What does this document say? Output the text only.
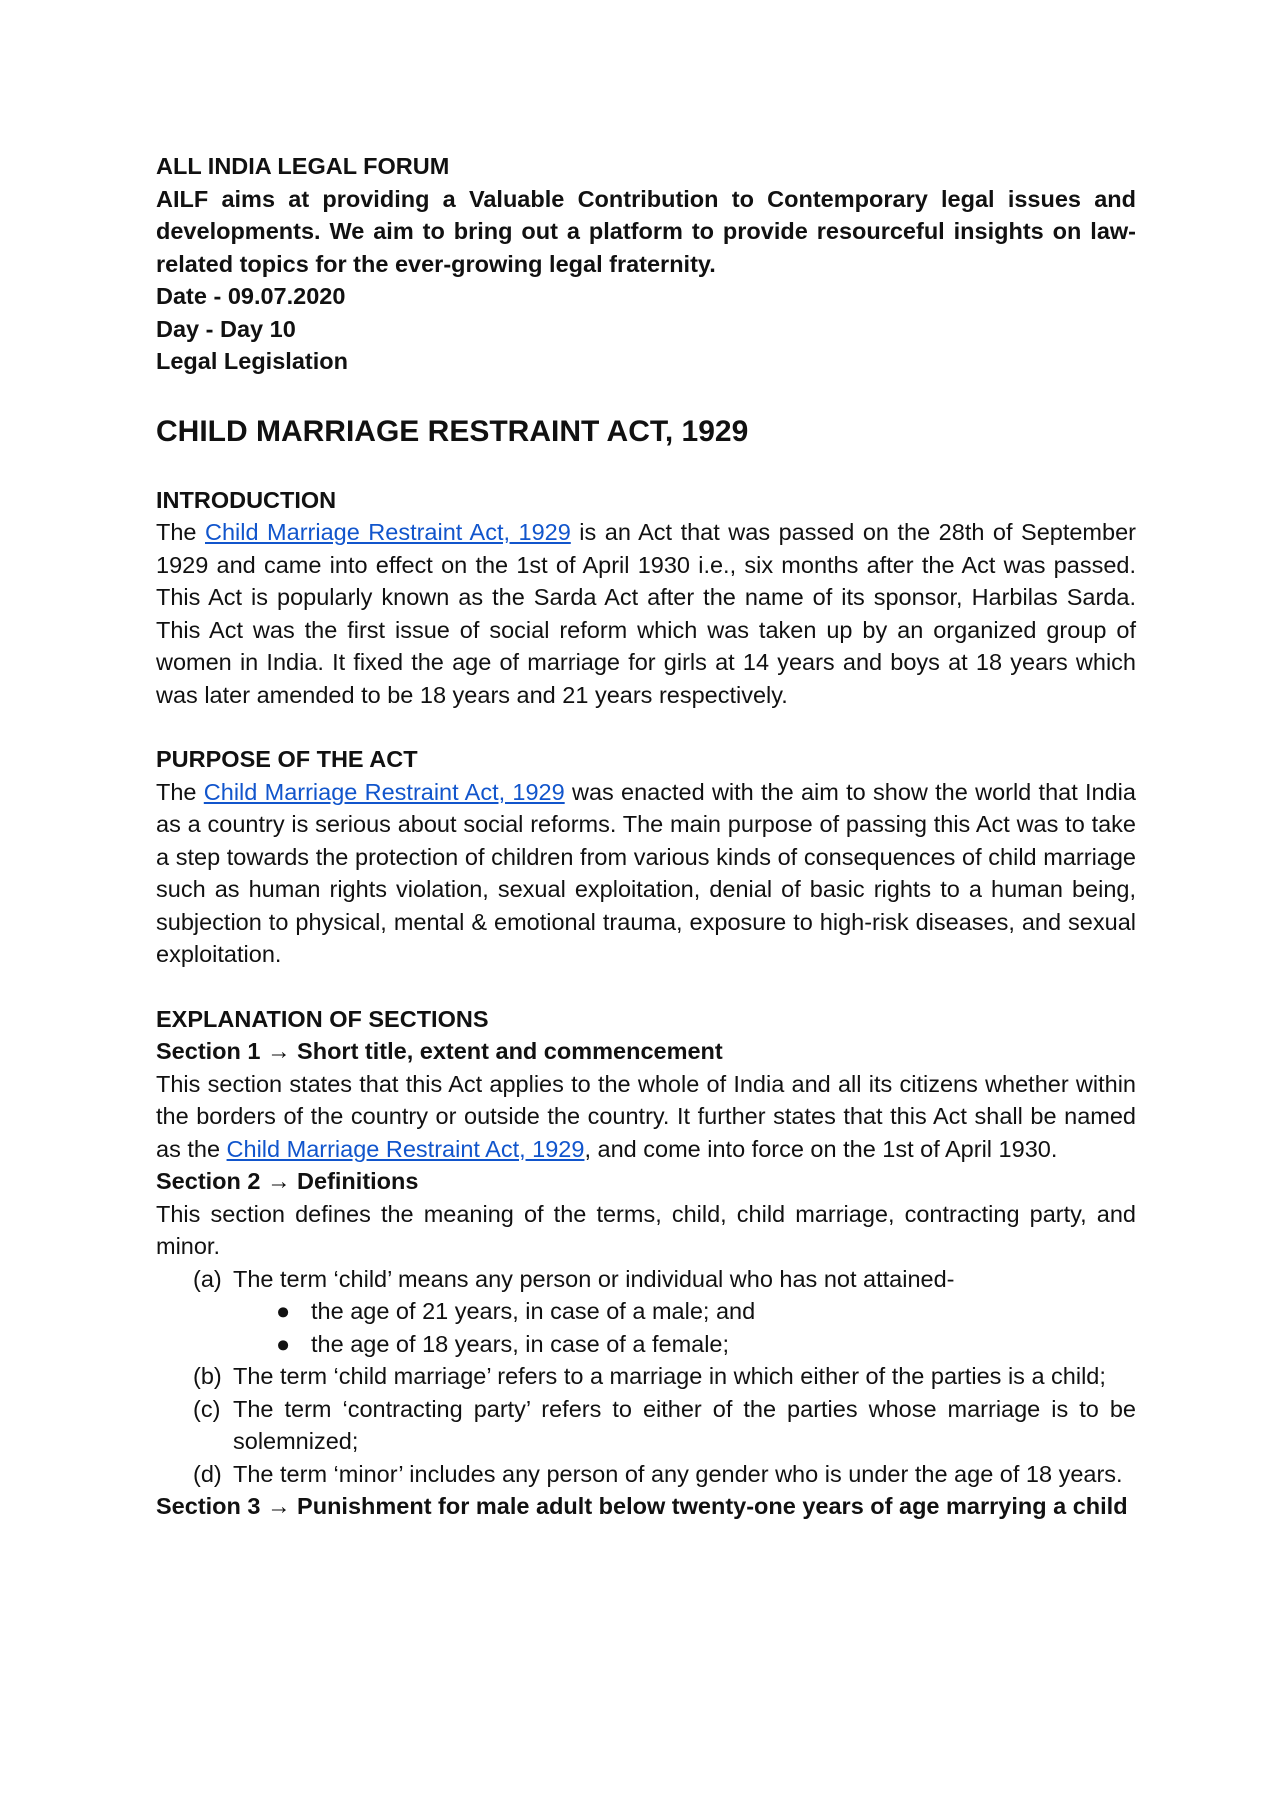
ALL INDIA LEGAL FORUM

AILF aims at providing a Valuable Contribution to Contemporary legal issues and developments. We aim to bring out a platform to provide resourceful insights on law-related topics for the ever-growing legal fraternity.

Date - 09.07.2020

Day - Day 10

Legal Legislation

CHILD MARRIAGE RESTRAINT ACT, 1929
INTRODUCTION

The Child Marriage Restraint Act, 1929 is an Act that was passed on the 28th of September 1929 and came into effect on the 1st of April 1930 i.e., six months after the Act was passed. This Act is popularly known as the Sarda Act after the name of its sponsor, Harbilas Sarda. This Act was the first issue of social reform which was taken up by an organized group of women in India. It fixed the age of marriage for girls at 14 years and boys at 18 years which was later amended to be 18 years and 21 years respectively.

PURPOSE OF THE ACT

The Child Marriage Restraint Act, 1929 was enacted with the aim to show the world that India as a country is serious about social reforms. The main purpose of passing this Act was to take a step towards the protection of children from various kinds of consequences of child marriage such as human rights violation, sexual exploitation, denial of basic rights to a human being, subjection to physical, mental & emotional trauma, exposure to high-risk diseases, and sexual exploitation.

EXPLANATION OF SECTIONS

Section 1 → Short title, extent and commencement

This section states that this Act applies to the whole of India and all its citizens whether within the borders of the country or outside the country. It further states that this Act shall be named as the Child Marriage Restraint Act, 1929, and come into force on the 1st of April 1930.

Section 2 → Definitions

This section defines the meaning of the terms, child, child marriage, contracting party, and minor.

(a) The term ‘child’ means any person or individual who has not attained-
● the age of 21 years, in case of a male; and
● the age of 18 years, in case of a female;
(b) The term ‘child marriage’ refers to a marriage in which either of the parties is a child;
(c) The term ‘contracting party’ refers to either of the parties whose marriage is to be solemnized;
(d) The term ‘minor’ includes any person of any gender who is under the age of 18 years.
Section 3 → Punishment for male adult below twenty-one years of age marrying a child
